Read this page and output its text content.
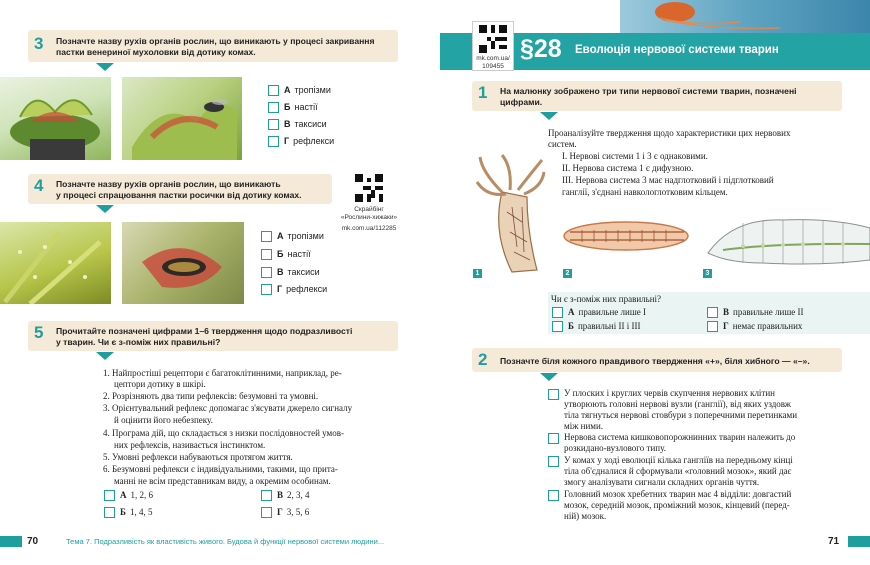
3 Позначте назву рухів органів рослин, що виникають у процесі закривання
пастки венериної мухоловки від дотику комах.
А тропізми
Б настії
В таксиси
Г рефлекси
4 Позначте назву рухів органів рослин, що виникають
у процесі спрацювання пастки росички від дотику комах.
Скрайбінг
«Рослини-хижаки»
mk.com.ua/112285
А тропізми
Б настії
В таксиси
Г рефлекси
5 Прочитайте позначені цифрами 1–6 твердження щодо подразливості
у тварин. Чи є з-поміж них правильні?
1. Найпростіші рецептори є багатоклітинними, наприклад, ре-
цептори дотику в шкірі.
2. Розрізняють два типи рефлексів: безумовні та умовні.
3. Орієнтувальний рефлекс допомагає з'ясувати джерело сигналу
й оцінити його небезпеку.
4. Програма дій, що складається з низки послідовностей умов-
них рефлексів, називається інстинктом.
5. Умовні рефлекси набуваються протягом життя.
6. Безумовні рефлекси є індивідуальними, такими, що прита-
манні не всім представникам виду, а окремим особинам.
А 1, 2, 6	В 2, 3, 4
Б 1, 4, 5	Г 3, 5, 6
70	Тема 7. Подразливість як властивість живого. Будова й функції нервової системи людини...
mk.com.ua/
109455
§28 Еволюція нервової системи тварин
1 На малюнку зображено три типи нервової системи тварин, позначені
цифрами.
Проаналізуйте твердження щодо характеристики цих нервових
систем.
I. Нервові системи 1 і 3 є однаковими.
II. Нервова система 1 є дифузною.
III. Нервова система 3 має надглотковий і підглотковий
ганглії, з'єднані навкологлотковим кільцем.
1	2	3
Чи є з-поміж них правильні?
А правильне лише I	В правильне лише II
Б правильні II і III	Г немає правильних
2 Позначте біля кожного правдивого твердження «+», біля хибного — «–».
У плоских і круглих червів скупчення нервових клітин
утворюють головні нервові вузли (ганглії), від яких уздовж
тіла тягнуться нервові стовбури з поперечними перетинками
між ними.
Нервова система кишковопорожнинних тварин належить до
розкидано-вузлового типу.
У комах у ході еволюції кілька гангліїв на передньому кінці
тіла об'єдналися й сформували «головний мозок», який дає
змогу аналізувати сигнали складних органів чуття.
Головний мозок хребетних тварин має 4 відділи: довгастий
мозок, середній мозок, проміжний мозок, кінцевий (перед-
ній) мозок.
71
